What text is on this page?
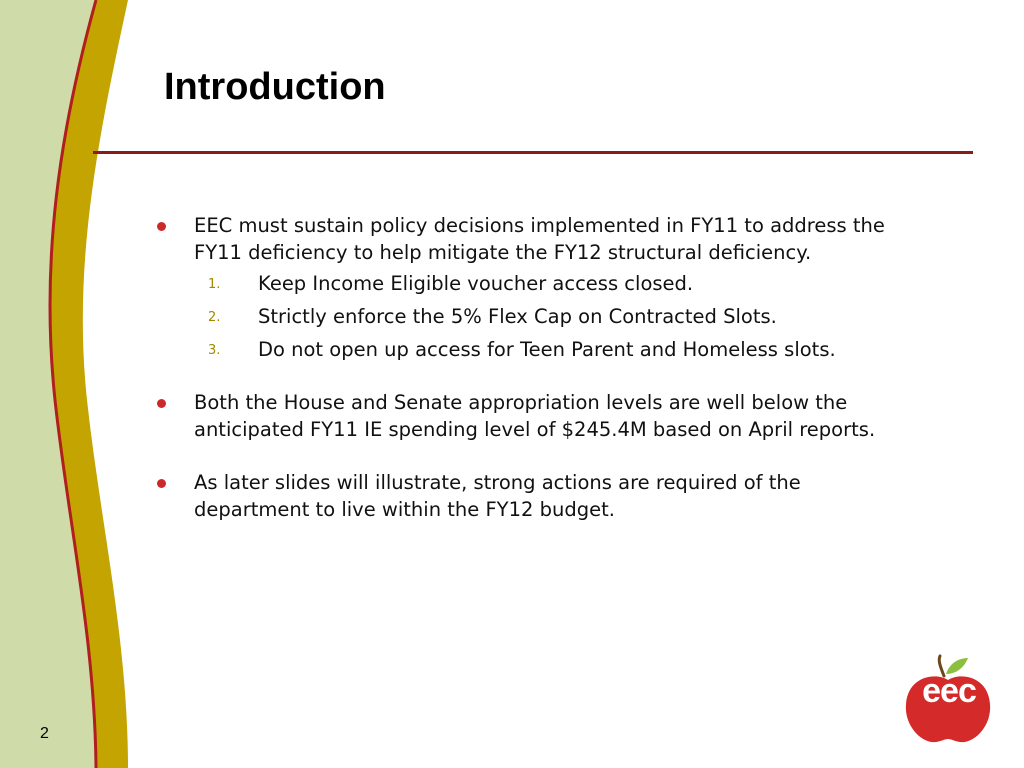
Introduction
EEC must sustain policy decisions implemented in FY11 to address the FY11 deficiency to help mitigate the FY12 structural deficiency.
1. Keep Income Eligible voucher access closed.
2. Strictly enforce the 5% Flex Cap on Contracted Slots.
3. Do not open up access for Teen Parent and Homeless slots.
Both the House and Senate appropriation levels are well below the anticipated FY11 IE spending level of $245.4M based on April reports.
As later slides will illustrate, strong actions are required of the department to live within the FY12 budget.
2
eec
